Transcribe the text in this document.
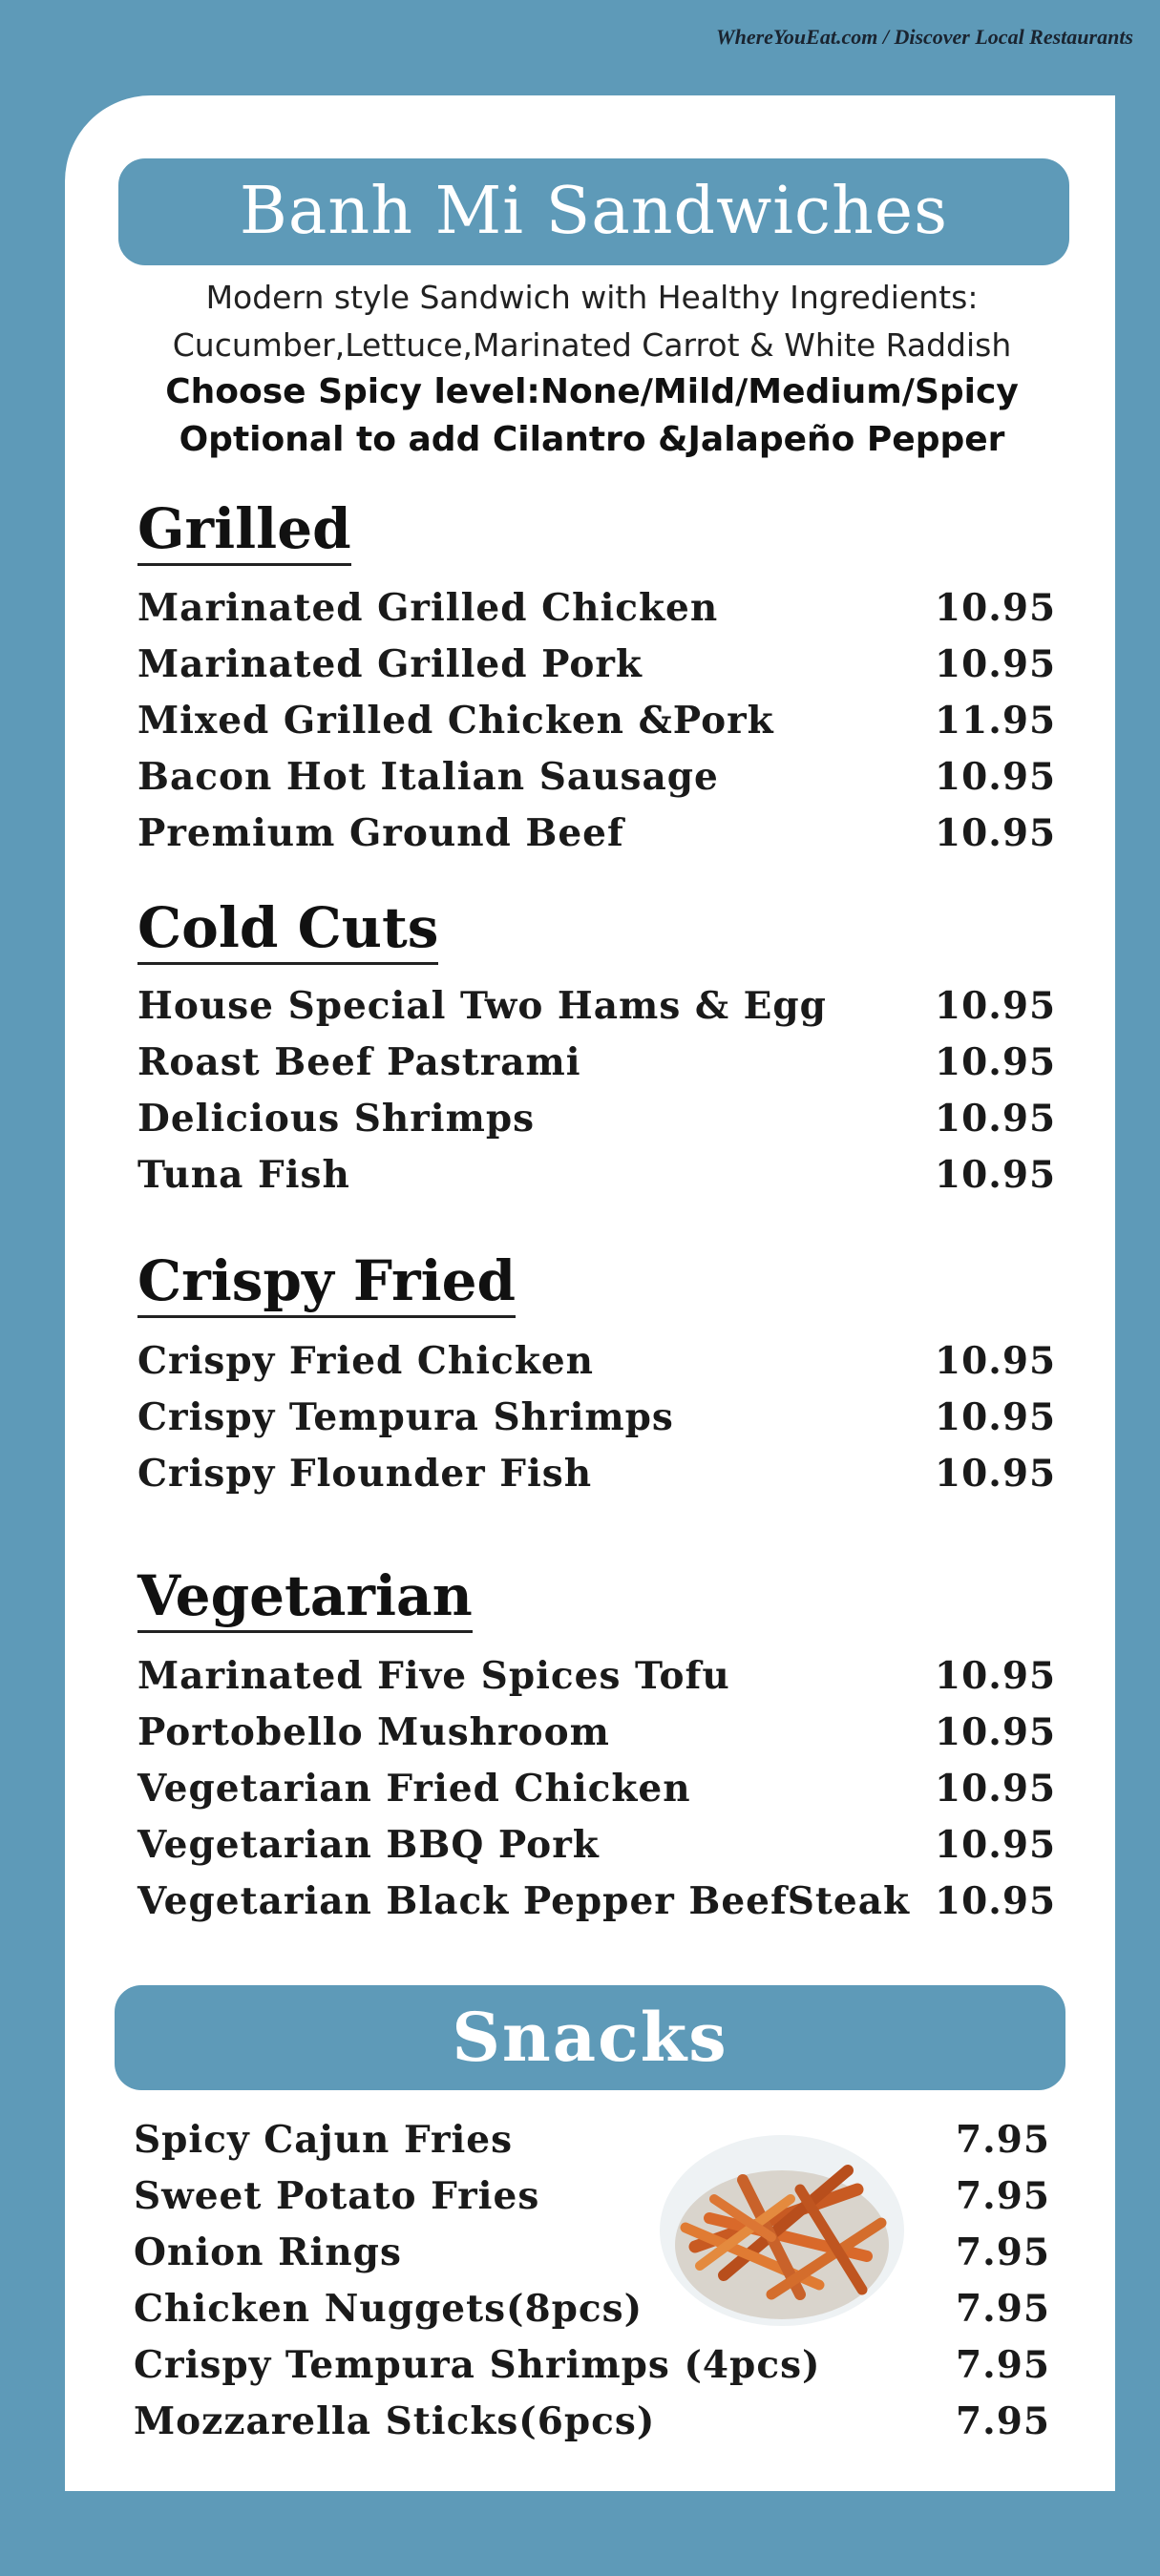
WhereYouEat.com / Discover Local Restaurants
Banh Mi Sandwiches
Modern style Sandwich with Healthy Ingredients:
Cucumber,Lettuce,Marinated Carrot & White Raddish
Choose Spicy level:None/Mild/Medium/Spicy
Optional to add Cilantro &Jalapeño Pepper
Grilled
Marinated Grilled Chicken	10.95
Marinated Grilled Pork	10.95
Mixed Grilled Chicken &Pork	11.95
Bacon Hot Italian Sausage	10.95
Premium Ground Beef	10.95
Cold Cuts
House Special Two Hams & Egg	10.95
Roast Beef Pastrami	10.95
Delicious Shrimps	10.95
Tuna Fish	10.95
Crispy Fried
Crispy Fried Chicken	10.95
Crispy Tempura Shrimps	10.95
Crispy Flounder Fish	10.95
Vegetarian
Marinated Five Spices Tofu	10.95
Portobello Mushroom	10.95
Vegetarian Fried Chicken	10.95
Vegetarian BBQ Pork	10.95
Vegetarian Black Pepper BeefSteak 10.95
Snacks
Spicy Cajun Fries	7.95
Sweet Potato Fries	7.95
Onion Rings	7.95
Chicken Nuggets(8pcs)	7.95
Crispy Tempura Shrimps (4pcs)	7.95
Mozzarella Sticks(6pcs)	7.95
